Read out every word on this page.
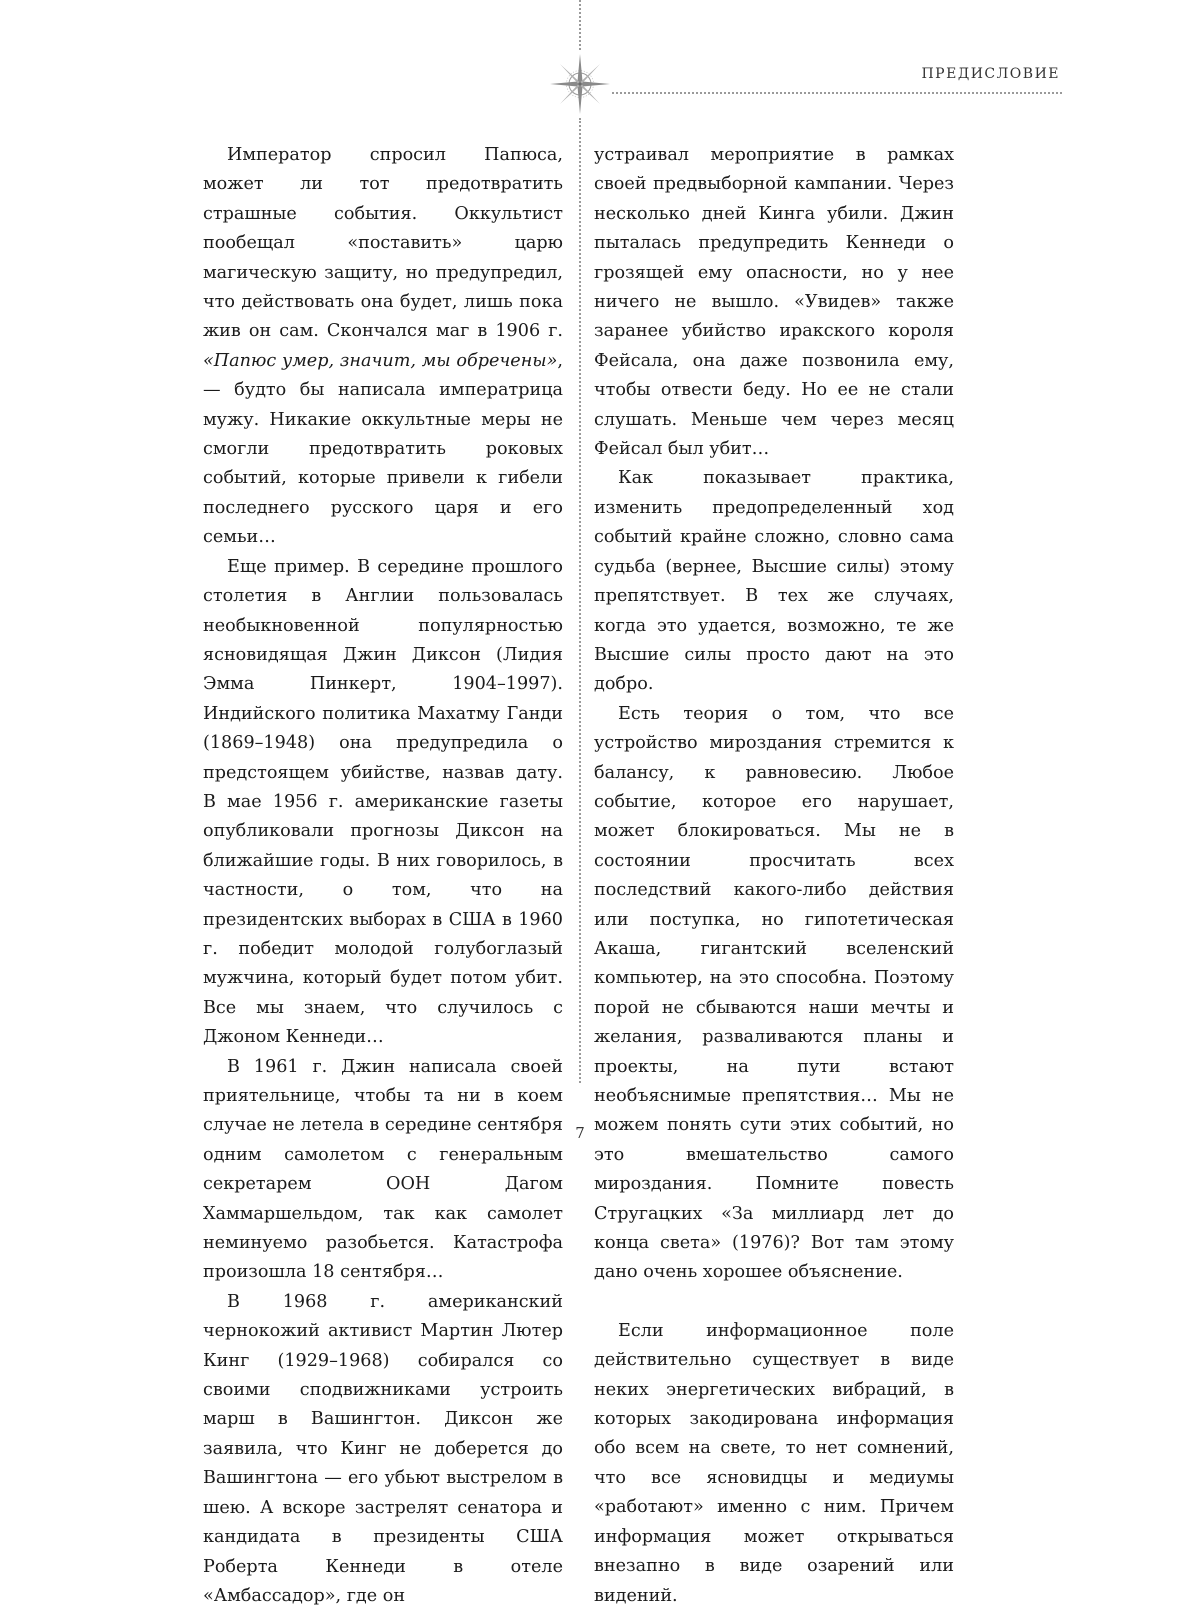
ПРЕДИСЛОВИЕ

Император спросил Папюса, может ли тот предотвратить страшные события. Оккультист пообещал «поставить» царю магическую защиту, но предупредил, что действовать она будет, лишь пока жив он сам. Скончался маг в 1906 г. «Папюс умер, значит, мы обречены», — будто бы написала императрица мужу. Никакие оккультные меры не смогли предотвратить роковых событий, которые привели к гибели последнего русского царя и его семьи…

Еще пример. В середине прошлого столетия в Англии пользовалась необыкновенной популярностью ясновидящая Джин Диксон (Лидия Эмма Пинкерт, 1904–1997). Индийского политика Махатму Ганди (1869–1948) она предупредила о предстоящем убийстве, назвав дату. В мае 1956 г. американские газеты опубликовали прогнозы Диксон на ближайшие годы. В них говорилось, в частности, о том, что на президентских выборах в США в 1960 г. победит молодой голубоглазый мужчина, который будет потом убит. Все мы знаем, что случилось с Джоном Кеннеди…

В 1961 г. Джин написала своей приятельнице, чтобы та ни в коем случае не летела в середине сентября одним самолетом с генеральным секретарем ООН Дагом Хаммаршельдом, так как самолет неминуемо разобьется. Катастрофа произошла 18 сентября…

В 1968 г. американский чернокожий активист Мартин Лютер Кинг (1929–1968) собирался со своими сподвижниками устроить марш в Вашингтон. Диксон же заявила, что Кинг не доберется до Вашингтона — его убьют выстрелом в шею. А вскоре застрелят сенатора и кандидата в президенты США Роберта Кеннеди в отеле «Амбассадор», где он

устраивал мероприятие в рамках своей предвыборной кампании. Через несколько дней Кинга убили. Джин пыталась предупредить Кеннеди о грозящей ему опасности, но у нее ничего не вышло. «Увидев» также заранее убийство иракского короля Фейсала, она даже позвонила ему, чтобы отвести беду. Но ее не стали слушать. Меньше чем через месяц Фейсал был убит…

Как показывает практика, изменить предопределенный ход событий крайне сложно, словно сама судьба (вернее, Высшие силы) этому препятствует. В тех же случаях, когда это удается, возможно, те же Высшие силы просто дают на это добро.

Есть теория о том, что все устройство мироздания стремится к балансу, к равновесию. Любое событие, которое его нарушает, может блокироваться. Мы не в состоянии просчитать всех последствий какого-либо действия или поступка, но гипотетическая Акаша, гигантский вселенский компьютер, на это способна. Поэтому порой не сбываются наши мечты и желания, разваливаются планы и проекты, на пути встают необъяснимые препятствия… Мы не можем понять сути этих событий, но это вмешательство самого мироздания. Помните повесть Стругацких «За миллиард лет до конца света» (1976)? Вот там этому дано очень хорошее объяснение.

Если информационное поле действительно существует в виде неких энергетических вибраций, в которых закодирована информация обо всем на свете, то нет сомнений, что все ясновидцы и медиумы «работают» именно с ним. Причем информация может открываться внезапно в виде озарений или видений.

7
